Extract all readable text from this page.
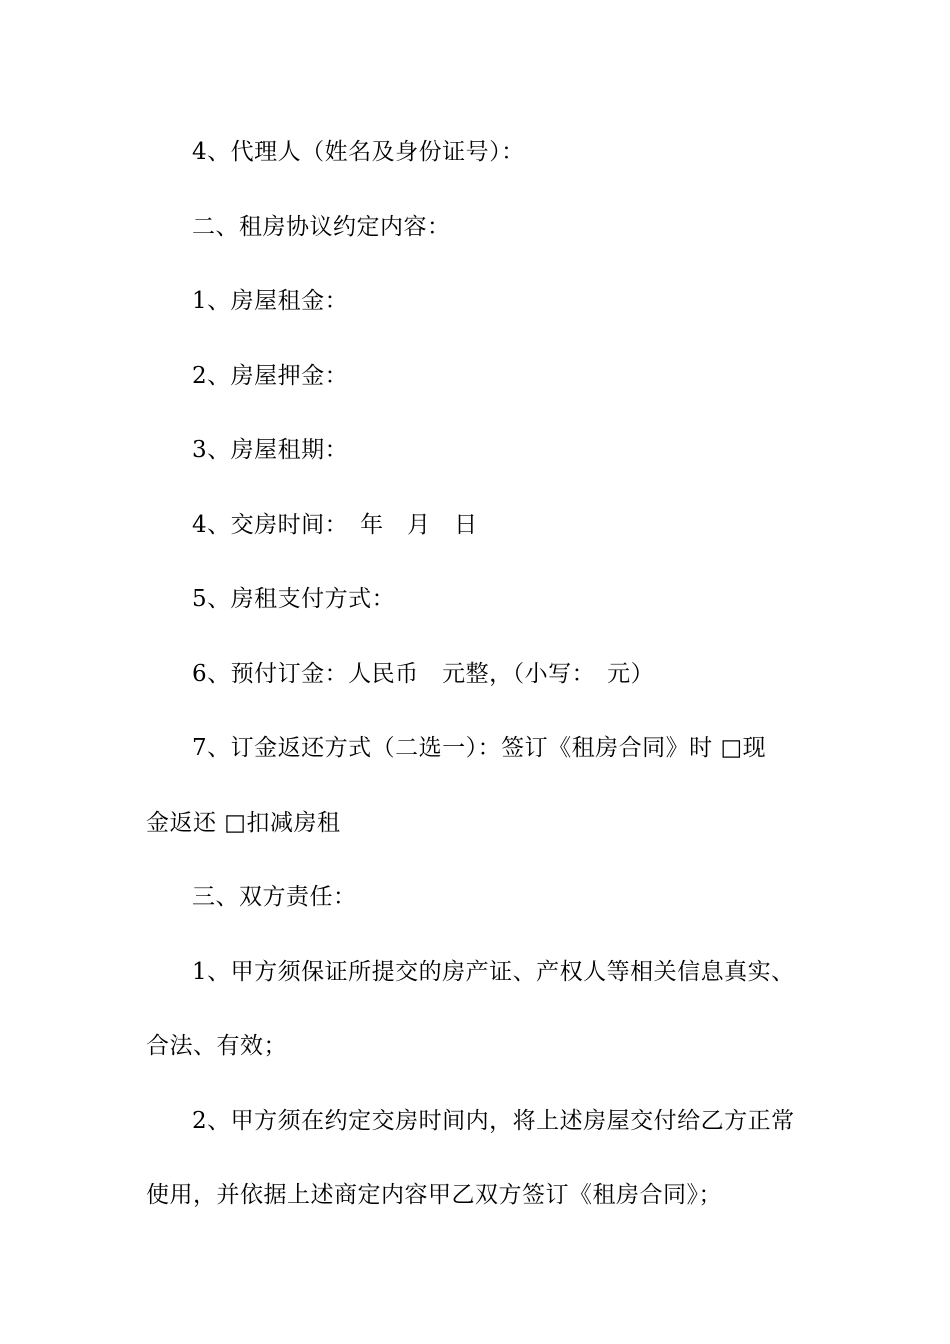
4、代理人（姓名及身份证号）：
二、租房协议约定内容：
1、房屋租金：
2、房屋押金：
3、房屋租期：
4、交房时间：　年　月　日
5、房租支付方式：
6、预付订金：人民币　元整，（小写：　元）
7、订金返还方式（二选一）：签订《租房合同》时 □现
金返还 □扣减房租
三、双方责任：
1、甲方须保证所提交的房产证、产权人等相关信息真实、
合法、有效；
2、甲方须在约定交房时间内，将上述房屋交付给乙方正常
使用，并依据上述商定内容甲乙双方签订《租房合同》；
